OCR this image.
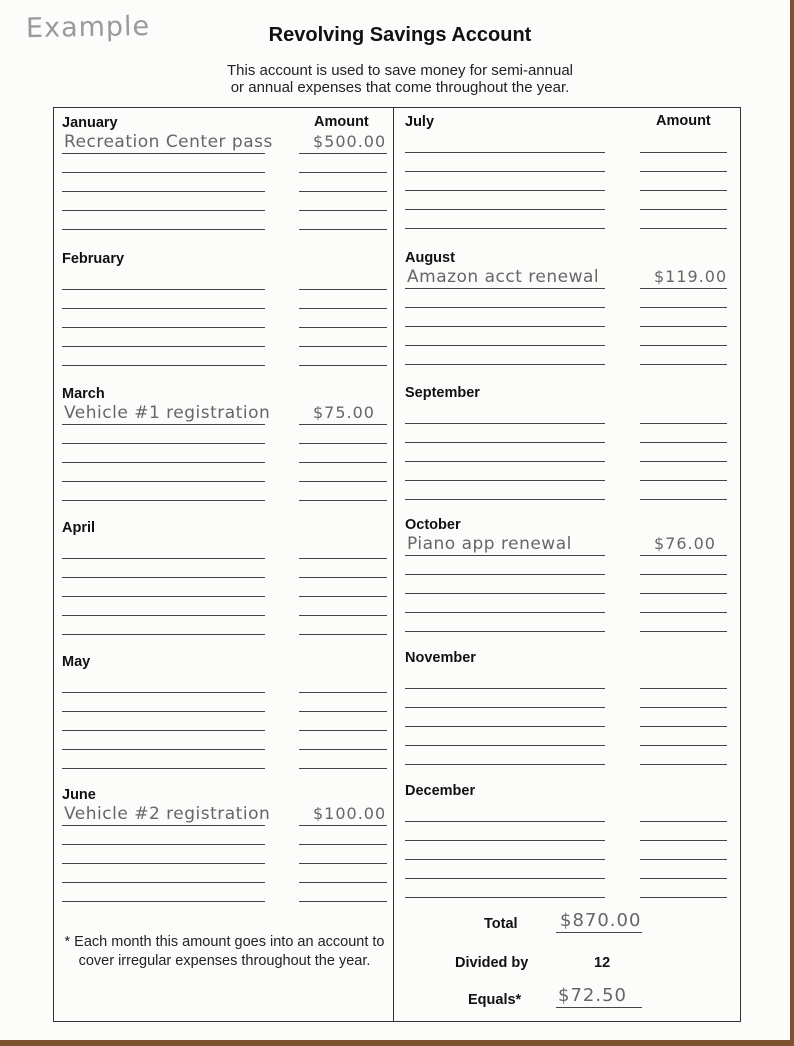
Example	Revolving Savings Account
This account is used to save money for semi-annual
or annual expenses that come throughout the year.
January	Amount
Recreation Center pass	$500.00
February
March
Vehicle #1 registration	$75.00
April
May
June
Vehicle #2 registration	$100.00
July	Amount
August
Amazon acct renewal	$119.00
September
October
Piano app renewal	$76.00
November
December
Total $870.00
Divided by	12
Equals* $72.50
* Each month this amount goes into an account to cover irregular expenses throughout the year.
